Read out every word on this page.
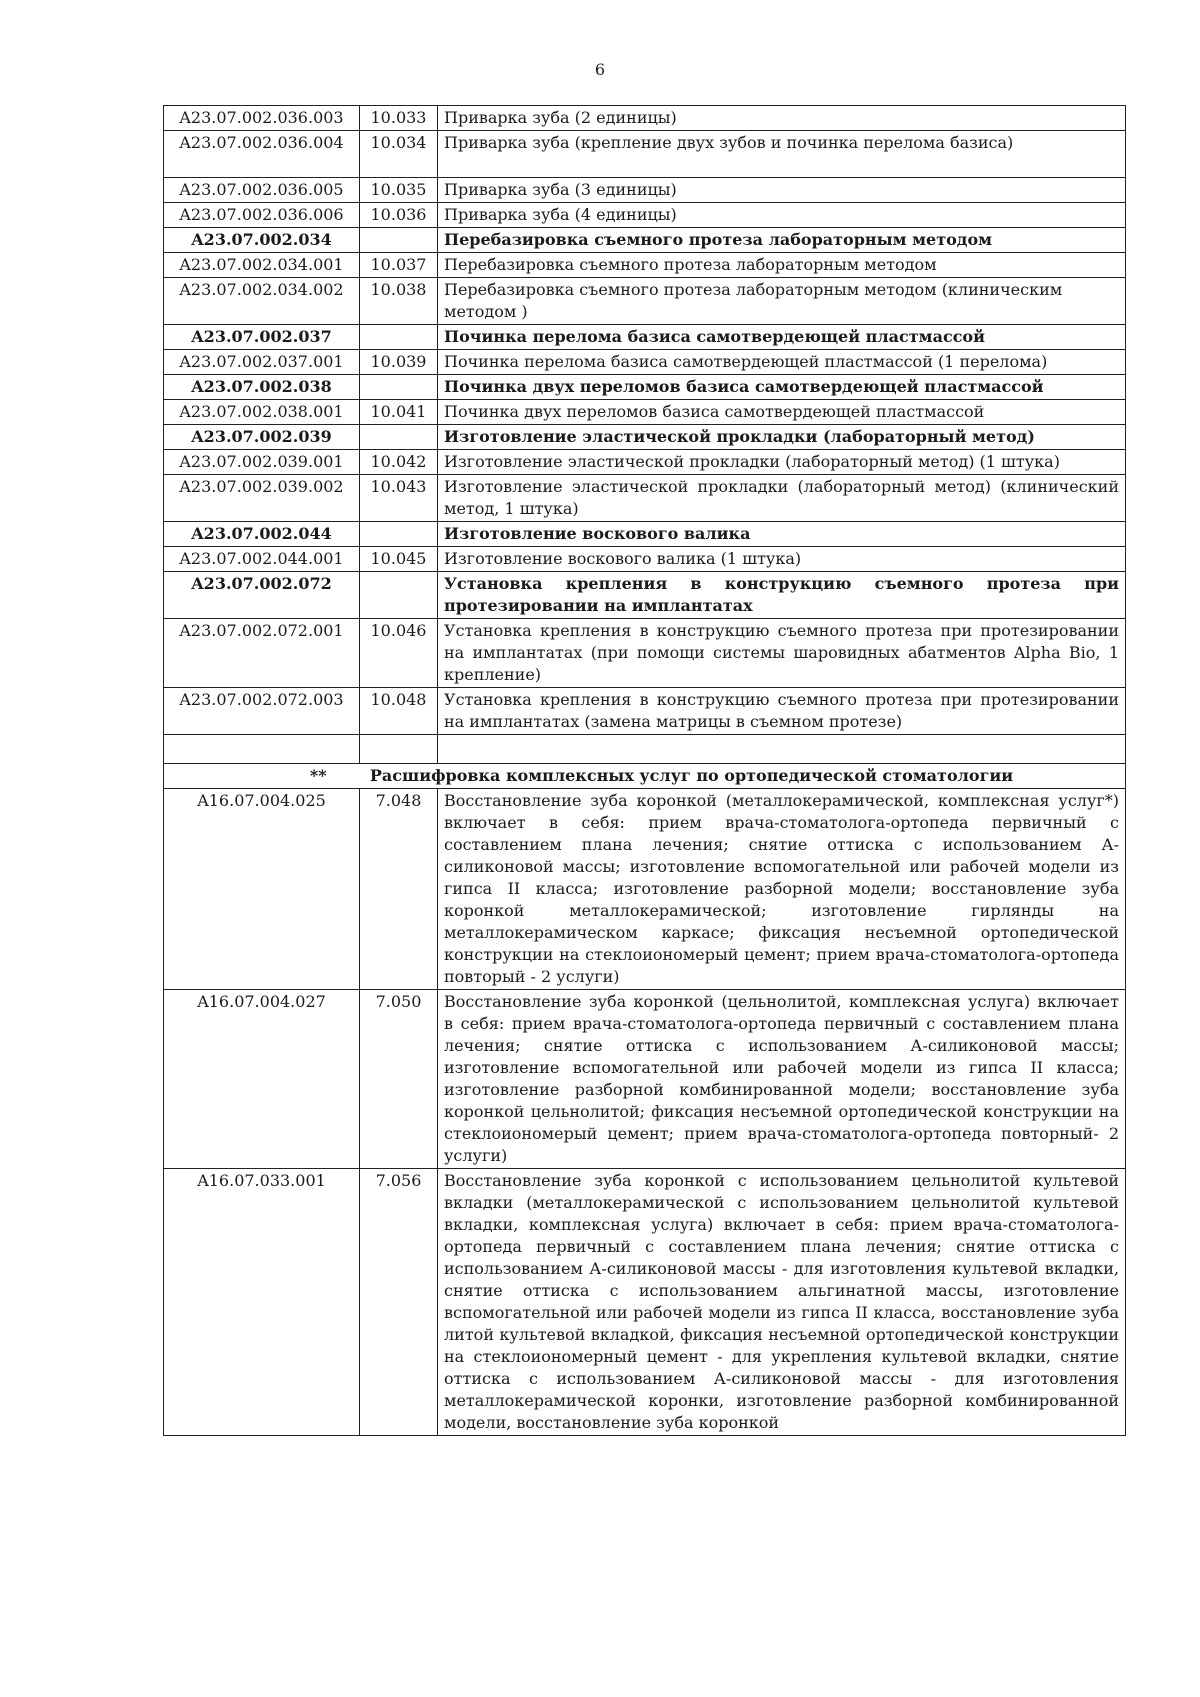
6
A23.07.002.036.003	10.033	Приварка зуба (2 единицы)
A23.07.002.036.004	10.034	Приварка зуба (крепление двух зубов и починка перелома базиса)
A23.07.002.036.005	10.035	Приварка зуба (3 единицы)
A23.07.002.036.006	10.036	Приварка зуба (4 единицы)
A23.07.002.034		Перебазировка съемного протеза лабораторным методом
A23.07.002.034.001	10.037	Перебазировка съемного протеза лабораторным методом
A23.07.002.034.002	10.038	Перебазировка съемного протеза лабораторным методом (клиническим методом )
A23.07.002.037		Починка перелома базиса самотвердеющей пластмассой
A23.07.002.037.001	10.039	Починка перелома базиса самотвердеющей пластмассой (1 перелома)
A23.07.002.038		Починка двух переломов базиса самотвердеющей пластмассой
A23.07.002.038.001	10.041	Починка двух переломов базиса самотвердеющей пластмассой
A23.07.002.039		Изготовление эластической прокладки (лабораторный метод)
A23.07.002.039.001	10.042	Изготовление эластической прокладки (лабораторный метод) (1 штука)
A23.07.002.039.002	10.043	Изготовление эластической прокладки (лабораторный метод) (клинический метод, 1 штука)
A23.07.002.044		Изготовление воскового валика
A23.07.002.044.001	10.045	Изготовление воскового валика (1 штука)
A23.07.002.072		Установка крепления в конструкцию съемного протеза при протезировании на имплантатах
A23.07.002.072.001	10.046	Установка крепления в конструкцию съемного протеза при протезировании на имплантатах (при помощи системы шаровидных абатментов Alpha Bio, 1 крепление)
A23.07.002.072.003	10.048	Установка крепления в конструкцию съемного протеза при протезировании на имплантатах (замена матрицы в съемном протезе)

** Расшифровка комплексных услуг по ортопедической стоматологии		
A16.07.004.025	7.048	Восстановление зуба коронкой (металлокерамической, комплексная услуг*) включает в себя: прием врача-стоматолога-ортопеда первичный с составлением плана лечения; снятие оттиска с использованием А-силиконовой массы; изготовление вспомогательной или рабочей модели из гипса II класса; изготовление разборной модели; восстановление зуба коронкой металлокерамической; изготовление гирлянды на металлокерамическом каркасе; фиксация несъемной ортопедической конструкции на стеклоиономерый цемент; прием врача-стоматолога-ортопеда повторый - 2 услуги)
A16.07.004.027	7.050	Восстановление зуба коронкой (цельнолитой, комплексная услуга) включает в себя: прием врача-стоматолога-ортопеда первичный с составлением плана лечения; снятие оттиска с использованием А-силиконовой массы; изготовление вспомогательной или рабочей модели из гипса II класса; изготовление разборной комбинированной модели; восстановление зуба коронкой цельнолитой; фиксация несъемной ортопедической конструкции на стеклоиономерый цемент; прием врача-стоматолога-ортопеда повторный- 2 услуги)
A16.07.033.001	7.056	Восстановление зуба коронкой с использованием цельнолитой культевой вкладки (металлокерамической с использованием цельнолитой культевой вкладки, комплексная услуга) включает в себя: прием врача-стоматолога-ортопеда первичный с составлением плана лечения; снятие оттиска с использованием А-силиконовой массы - для изготовления культевой вкладки, снятие оттиска с использованием альгинатной массы, изготовление вспомогательной или рабочей модели из гипса II класса, восстановление зуба литой культевой вкладкой, фиксация несъемной ортопедической конструкции на стеклоиономерный цемент - для укрепления культевой вкладки, снятие оттиска с использованием А-силиконовой массы - для изготовления металлокерамической коронки, изготовление разборной комбинированной модели, восстановление зуба коронкой
